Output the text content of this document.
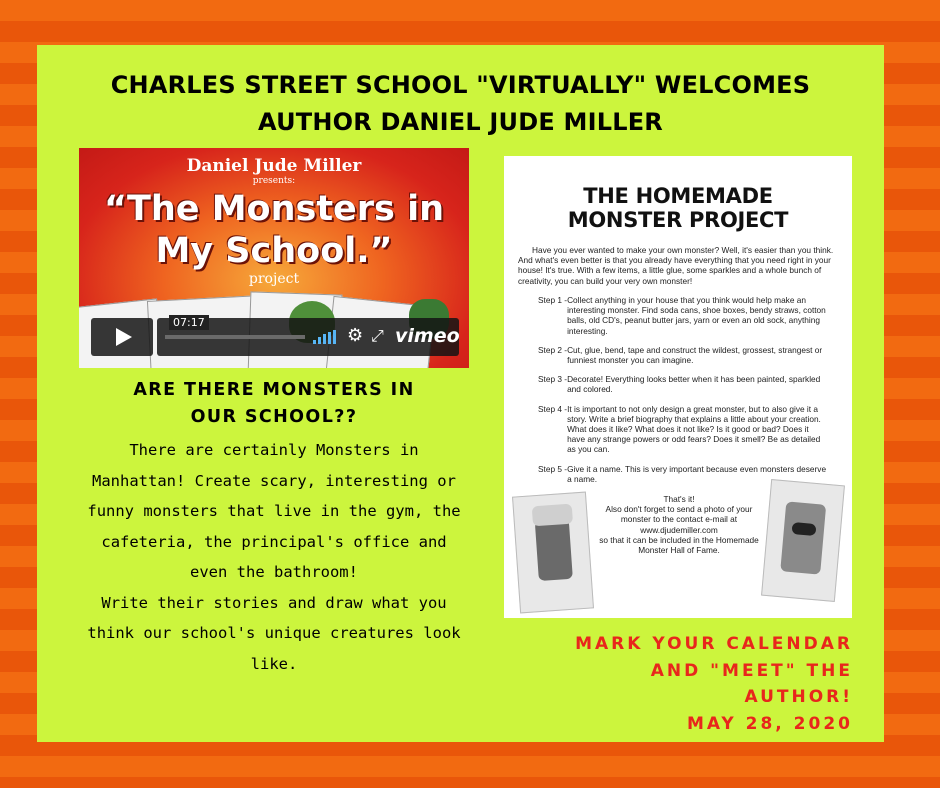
CHARLES STREET SCHOOL "VIRTUALLY" WELCOMES
AUTHOR DANIEL JUDE MILLER
Daniel Jude Miller
presents:
“The Monsters in
My School.”
project
07:17
⚙ ⤢ vimeo
ARE THERE MONSTERS IN
OUR SCHOOL??

There are certainly Monsters in Manhattan! Create scary, interesting or funny monsters that live in the gym, the cafeteria, the principal's office and even the bathroom!

Write their stories and draw what you think our school's unique creatures look like.

THE HOMEMADE
MONSTER PROJECT
Have you ever wanted to make your own monster? Well, it's easier than you think. And what's even better is that you already have everything that you need right in your house! It's true. With a few items, a little glue, some sparkles and a whole bunch of creativity, you can build your very own monster!
Step 1 - Collect anything in your house that you think would help make an interesting monster. Find soda cans, shoe boxes, bendy straws, cotton balls, old CD's, peanut butter jars, yarn or even an old sock, anything interesting.
Step 2 - Cut, glue, bend, tape and construct the wildest, grossest, strangest or funniest monster you can imagine.
Step 3 - Decorate! Everything looks better when it has been painted, sparkled and colored.
Step 4 - It is important to not only design a great monster, but to also give it a story. Write a brief biography that explains a little about your creation. What does it like? What does it not like? Is it good or bad? Does it have any strange powers or odd fears? Does it smell? Be as detailed as you can.
Step 5 - Give it a name. This is very important because even monsters deserve a name.
That's it!
Also don't forget to send a photo of your monster to the contact e-mail at
www.djudemiller.com
so that it can be included in the Homemade Monster Hall of Fame.
MARK YOUR CALENDAR
AND "MEET" THE
AUTHOR!
MAY 28, 2020
